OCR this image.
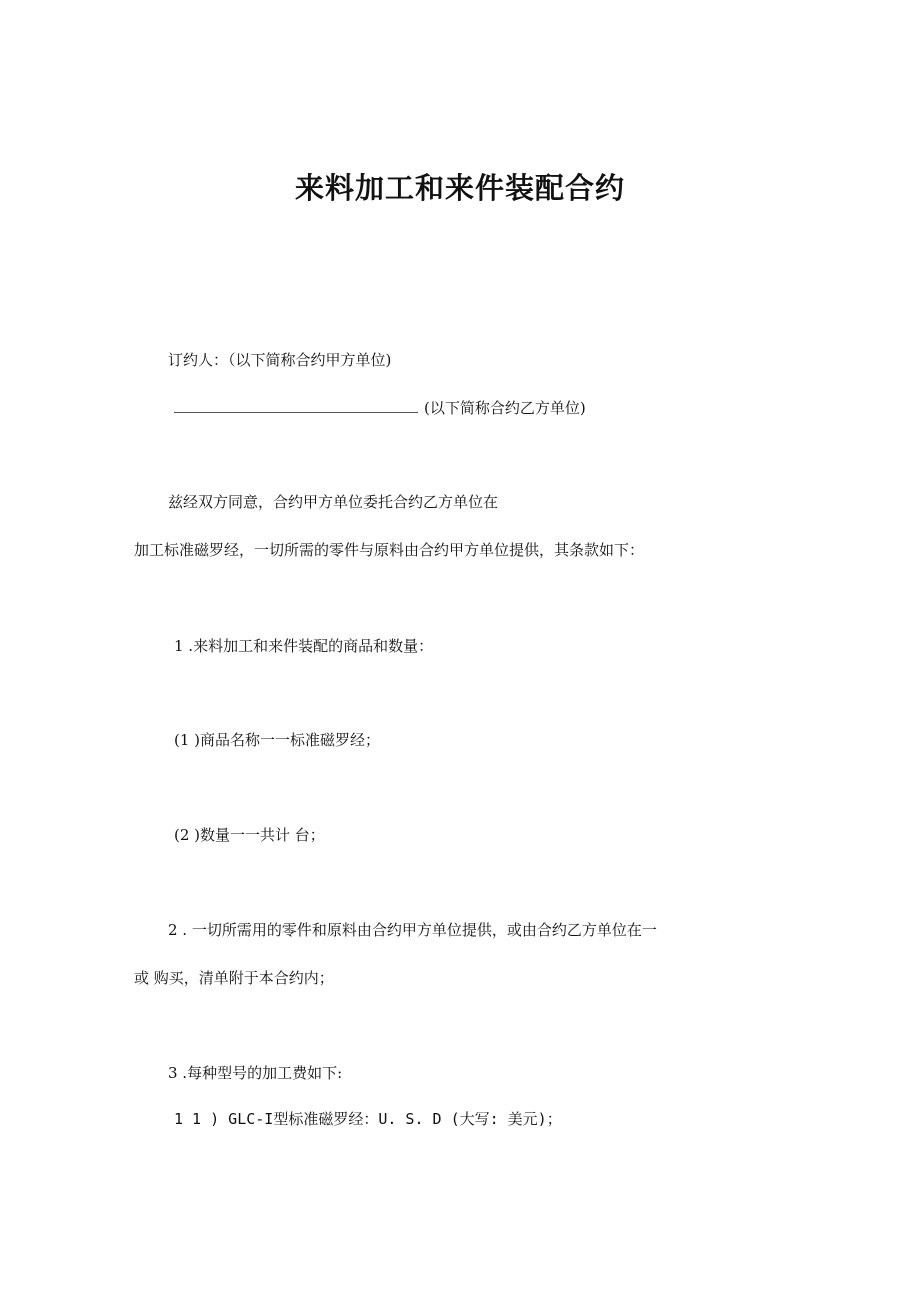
来料加工和来件装配合约

订约人：（以下简称合约甲方单位)

(以下简称合约乙方单位)

兹经双方同意，合约甲方单位委托合约乙方单位在

加工标准磁罗经，一切所需的零件与原料由合约甲方单位提供，其条款如下：

1 .来料加工和来件装配的商品和数量：

(1 )商品名称一一标准磁罗经；

(2 )数量一一共计 台；

2 . 一切所需用的零件和原料由合约甲方单位提供，或由合约乙方单位在一

或 购买，清单附于本合约内；

3 .每种型号的加工费如下:

1 1 ) GLC-I型标准磁罗经：U. S. D (大写: 美元)；
